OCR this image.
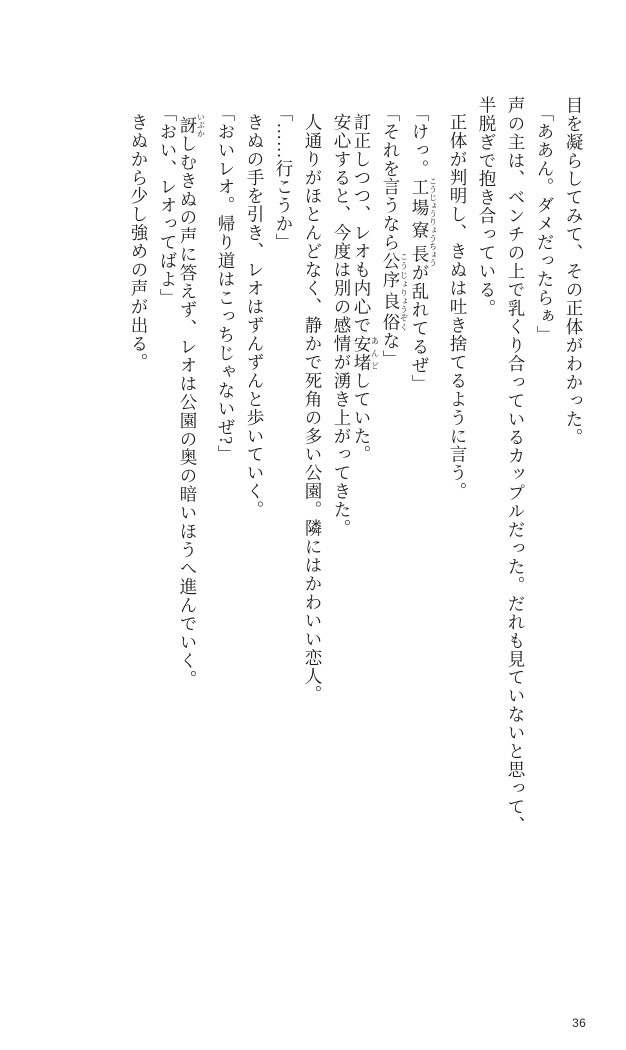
目を凝らしてみて、その正体がわかった。
「ああん。ダメだったらぁ」
声の主は、ベンチの上で乳くり合っているカップルだった。だれも見ていないと思って、
半脱ぎで抱き合っている。
正体が判明し、きぬは吐き捨てるように言う。
「けっ。工場こうじょう寮りょう長ちょうが乱れてるぜ」
「それを言うなら公序こうじょ良りょう俗ぞくな」
訂正しつつ、レオも内心で安堵あんどしていた。
安心すると、今度は別の感情が湧き上がってきた。
人通りがほとんどなく、静かで死角の多い公園。隣にはかわいい恋人。
「……行こうか」
きぬの手を引き、レオはずんずんと歩いていく。
「おいレオ。帰り道はこっちじゃないぜ?」
訝いぶかしむきぬの声に答えず、レオは公園の奥の暗いほうへ進んでいく。
「おい、レオってばよ」
きぬから少し強めの声が出る。
36
